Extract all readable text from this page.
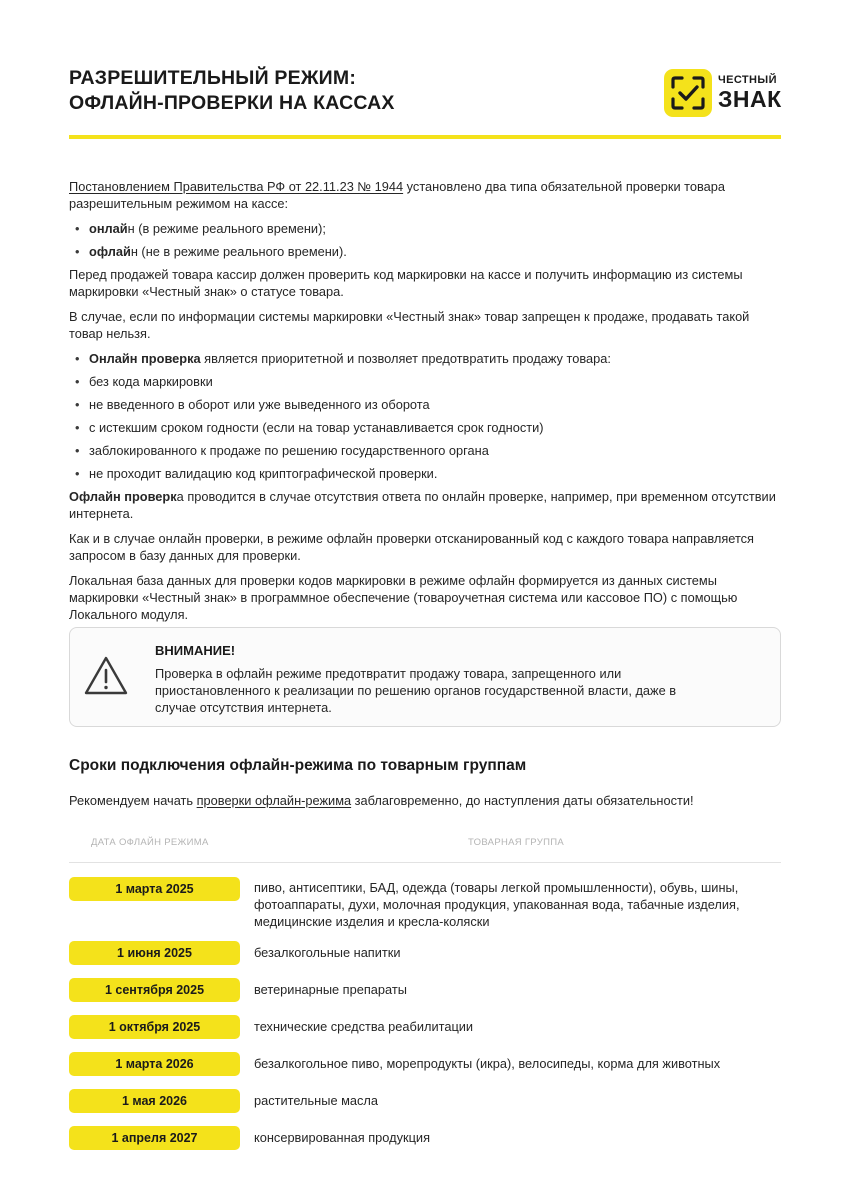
РАЗРЕШИТЕЛЬНЫЙ РЕЖИМ:
ОФЛАЙН-ПРОВЕРКИ НА КАССАХ
ЧЕСТНЫЙ
ЗНАК

Постановлением Правительства РФ от 22.11.23 № 1944 установлено два типа обязательной проверки товара разрешительным режимом на кассе:

• онлайн (в режиме реального времени);
• офлайн (не в режиме реального времени).

Перед продажей товара кассир должен проверить код маркировки на кассе и получить информацию из системы маркировки «Честный знак» о статусе товара.

В случае, если по информации системы маркировки «Честный знак» товар запрещен к продаже, продавать такой товар нельзя.

• Онлайн проверка является приоритетной и позволяет предотвратить продажу товара:
• без кода маркировки
• не введенного в оборот или уже выведенного из оборота
• с истекшим сроком годности (если на товар устанавливается срок годности)
• заблокированного к продаже по решению государственного органа
• не проходит валидацию код криптографической проверки.

Офлайн проверка проводится в случае отсутствия ответа по онлайн проверке, например, при временном отсутствии интернета.

Как и в случае онлайн проверки, в режиме офлайн проверки отсканированный код с каждого товара направляется запросом в базу данных для проверки.

Локальная база данных для проверки кодов маркировки в режиме офлайн формируется из данных системы маркировки «Честный знак» в программное обеспечение (товароучетная система или кассовое ПО) с помощью Локального модуля.

ВНИМАНИЕ!
Проверка в офлайн режиме предотвратит продажу товара, запрещенного или приостановленного к реализации по решению органов государственной власти, даже в случае отсутствия интернета.
Сроки подключения офлайн-режима по товарным группам
Рекомендуем начать проверки офлайн-режима заблаговременно, до наступления даты обязательности!
ДАТА ОФЛАЙН РЕЖИМА	ТОВАРНАЯ ГРУППА
1 марта 2025	пиво, антисептики, БАД, одежда (товары легкой промышленности), обувь, шины, фотоаппараты, духи, молочная продукция, упакованная вода, табачные изделия, медицинские изделия и кресла-коляски
1 июня 2025	безалкогольные напитки
1 сентября 2025	ветеринарные препараты
1 октября 2025	технические средства реабилитации
1 марта 2026	безалкогольное пиво, морепродукты (икра), велосипеды, корма для животных
1 мая 2026	растительные масла
1 апреля 2027	консервированная продукция
